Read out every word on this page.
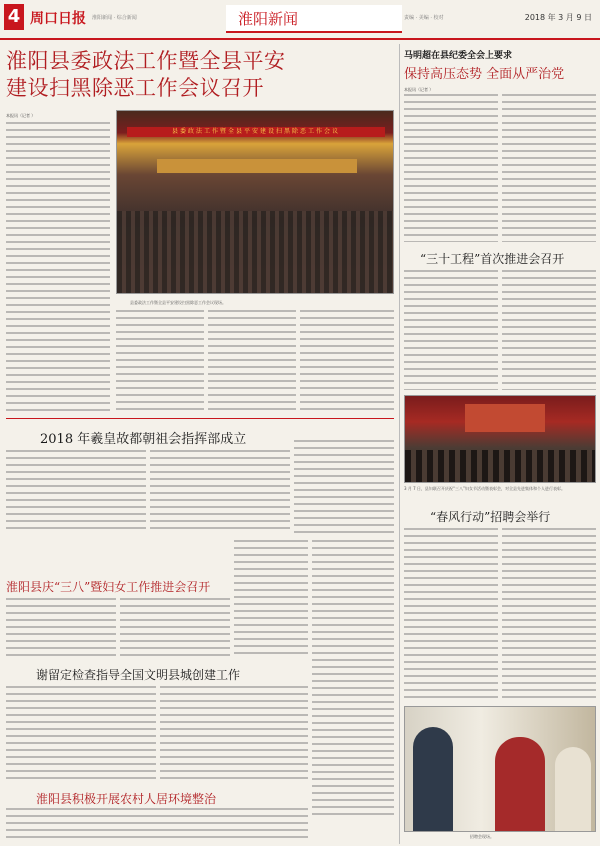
4 周口日报 淮阳新闻 · 综合新闻	淮阳新闻	责编 · 美编 · 校对	2018 年 3 月 9 日
淮阳县委政法工作暨全县平安
建设扫黑除恶工作会议召开
本报讯（记者 ）
县委政法工作暨全县平安建设扫黑除恶工作会议
县委政法工作暨全县平安建设扫黑除恶工作会议现场。
2018 年羲皇故都朝祖会指挥部成立
淮阳县庆“三八”暨妇女工作推进会召开
谢留定检查指导全国文明县城创建工作
淮阳县积极开展农村人居环境整治
马明超在县纪委全会上要求
保持高压态势 全面从严治党
本报讯（记者 ）
“三十工程”首次推进会召开
3 月 7 日，县妇联召开庆祝“三八”妇女节活动暨表彰会，对全县先进集体和个人进行表彰。
“春风行动”招聘会举行
招聘会现场。
